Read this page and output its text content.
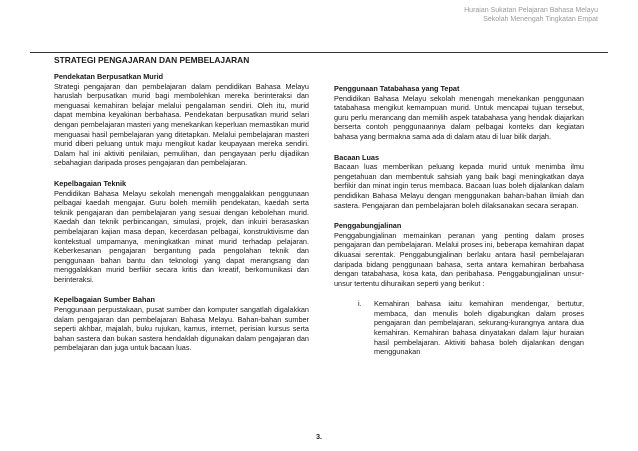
Huraian Sukatan Pelajaran Bahasa Melayu
Sekolah Menengah Tingkatan Empat
STRATEGI PENGAJARAN DAN PEMBELAJARAN
Pendekatan Berpusatkan Murid
Strategi pengajaran dan pembelajaran dalam pendidikan Bahasa Melayu haruslah berpusatkan murid bagi membolehkan mereka berinteraksi dan menguasai kemahiran belajar melalui pengalaman sendiri. Oleh itu, murid dapat membina keyakinan berbahasa. Pendekatan berpusatkan murid selari dengan pembelajaran masteri yang menekankan keperluan memastikan murid menguasai hasil pembelajaran yang ditetapkan. Melalui pembelajaran masteri murid diberi peluang untuk maju mengikut kadar keupayaan mereka sendiri. Dalam hal ini aktiviti penilaian, pemulihan, dan pengayaan perlu dijadikan sebahagian daripada proses pengajaran dan pembelajaran.
Kepelbagaian Teknik
Pendidikan Bahasa Melayu sekolah menengah menggalakkan penggunaan pelbagai kaedah mengajar. Guru boleh memilih pendekatan, kaedah serta teknik pengajaran dan pembelajaran yang sesuai dengan kebolehan murid. Kaedah dan teknik perbincangan, simulasi, projek, dan inkuiri berasaskan pembelajaran kajian masa depan, kecerdasan pelbagai, konstruktivisme dan kontekstual umpamanya, meningkatkan minat murid terhadap pelajaran. Keberkesanan pengajaran bergantung pada pengolahan teknik dan penggunaan bahan bantu dan teknologi yang dapat merangsang dan menggalakkan murid berfikir secara kritis dan kreatif, berkomunikasi dan berinteraksi.
Kepelbagaian Sumber Bahan
Penggunaan perpustakaan, pusat sumber dan komputer sangatlah digalakkan dalam pengajaran dan pembelajaran Bahasa Melayu. Bahan-bahan sumber seperti akhbar, majalah, buku rujukan, kamus, internet, perisian kursus serta bahan sastera dan bukan sastera hendaklah digunakan dalam pengajaran dan pembelajaran dan juga untuk bacaan luas.
Penggunaan Tatabahasa yang Tepat
Pendidikan Bahasa Melayu sekolah menengah menekankan penggunaan tatabahasa mengikut kemampuan murid. Untuk mencapai tujuan tersebut, guru perlu merancang dan memilih aspek tatabahasa yang hendak diajarkan berserta contoh penggunaannya dalam pelbagai konteks dan kegiatan bahasa yang bermakna sama ada di dalam atau di luar bilik darjah.
Bacaan Luas
Bacaan luas memberikan peluang kepada murid untuk menimba ilmu pengetahuan dan membentuk sahsiah yang baik bagi meningkatkan daya berfikir dan minat ingin terus membaca. Bacaan luas boleh dijalankan dalam pendidikan Bahasa Melayu dengan menggunakan bahan-bahan ilmiah dan sastera. Pengajaran dan pembelajaran boleh dilaksanakan secara serapan.
Penggabungjalinan
Penggabungjalinan memainkan peranan yang penting dalam proses pengajaran dan pembelajaran. Melalui proses ini, beberapa kemahiran dapat dikuasai serentak. Penggabungjalinan berlaku antara hasil pembelajaran daripada bidang penggunaan bahasa, serta antara kemahiran berbahasa dengan tatabahasa, kosa kata, dan peribahasa. Penggabungjalinan unsur-unsur tertentu dihuraikan seperti yang berikut :
i.	Kemahiran bahasa iaitu kemahiran mendengar, bertutur, membaca, dan menulis boleh digabungkan dalam proses pengajaran dan pembelajaran, sekurang-kurangnya antara dua kemahiran. Kemahiran bahasa dinyatakan dalam lajur huraian hasil pembelajaran. Aktiviti bahasa boleh dijalankan dengan menggunakan
3.
